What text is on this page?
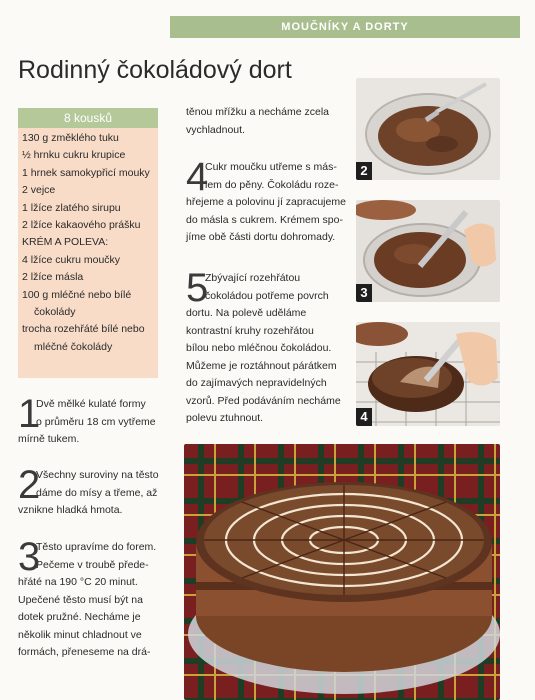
MOUČNÍKY A DORTY
Rodinný čokoládový dort
8 kousků
130 g změklého tuku
½ hrnku cukru krupice
1 hrnek samokypřicí mouky
2 vejce
1 lžíce zlatého sirupu
2 lžíce kakaového prášku
KRÉM A POLEVA:
4 lžíce cukru moučky
2 lžíce másla
100 g mléčné nebo bílé
čokolády
trocha rozehřáté bílé nebo
mléčné čokolády
1

Dvě mělké kulaté formy

o průměru 18 cm vytřeme

mírně tukem.

2

Všechny suroviny na těsto

dáme do mísy a třeme, až

vznikne hladká hmota.

3

Těsto upravíme do forem.

Pečeme v troubě přede-

hřáté na 190 °C 20 minut.

Upečené těsto musí být na

dotek pružné. Necháme je

několik minut chladnout ve

formách, přeneseme na drá-

těnou mřížku a necháme zcela

vychladnout.

4

Cukr moučku utřeme s más-

lem do pěny. Čokoládu roze-

hřejeme a polovinu jí zapracujeme

do másla s cukrem. Krémem spo-

jíme obě části dortu dohromady.

5

Zbývající rozehřátou

čokoládou potřeme povrch

dortu. Na polevě uděláme

kontrastní kruhy rozehřátou

bílou nebo mléčnou čokoládou.

Můžeme je roztáhnout párátkem

do zajímavých nepravidelných

vzorů. Před podáváním necháme

polevu ztuhnout.

2
3
4
